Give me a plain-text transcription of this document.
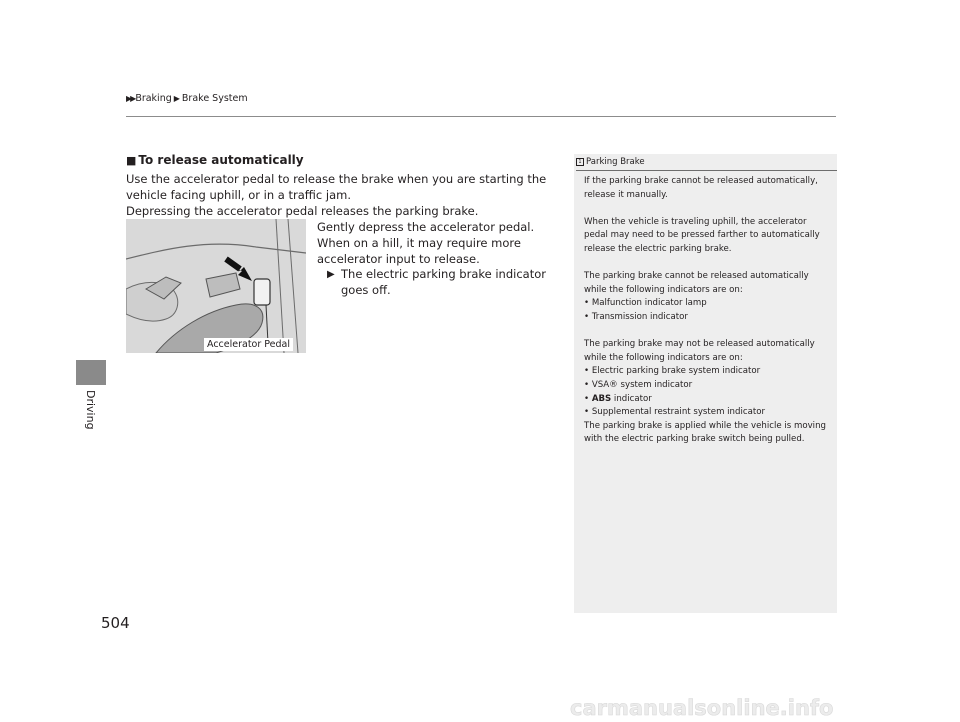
▶▶ Braking ▶ Brake System
Driving
■ To release automatically

Use the accelerator pedal to release the brake when you are starting the vehicle facing uphill, or in a traffic jam.

Depressing the accelerator pedal releases the parking brake.

Accelerator Pedal

Gently depress the accelerator pedal.

When on a hill, it may require more accelerator input to release.

▶ The electric parking brake indicator goes off.
1 Parking Brake

If the parking brake cannot be released automatically, release it manually.

When the vehicle is traveling uphill, the accelerator pedal may need to be pressed farther to automatically release the electric parking brake.

The parking brake cannot be released automatically while the following indicators are on:

• Malfunction indicator lamp

• Transmission indicator

The parking brake may not be released automatically while the following indicators are on:

• Electric parking brake system indicator

• VSA® system indicator

• ABS indicator

• Supplemental restraint system indicator

The parking brake is applied while the vehicle is moving with the electric parking brake switch being pulled.

504
carmanualsonline.info
